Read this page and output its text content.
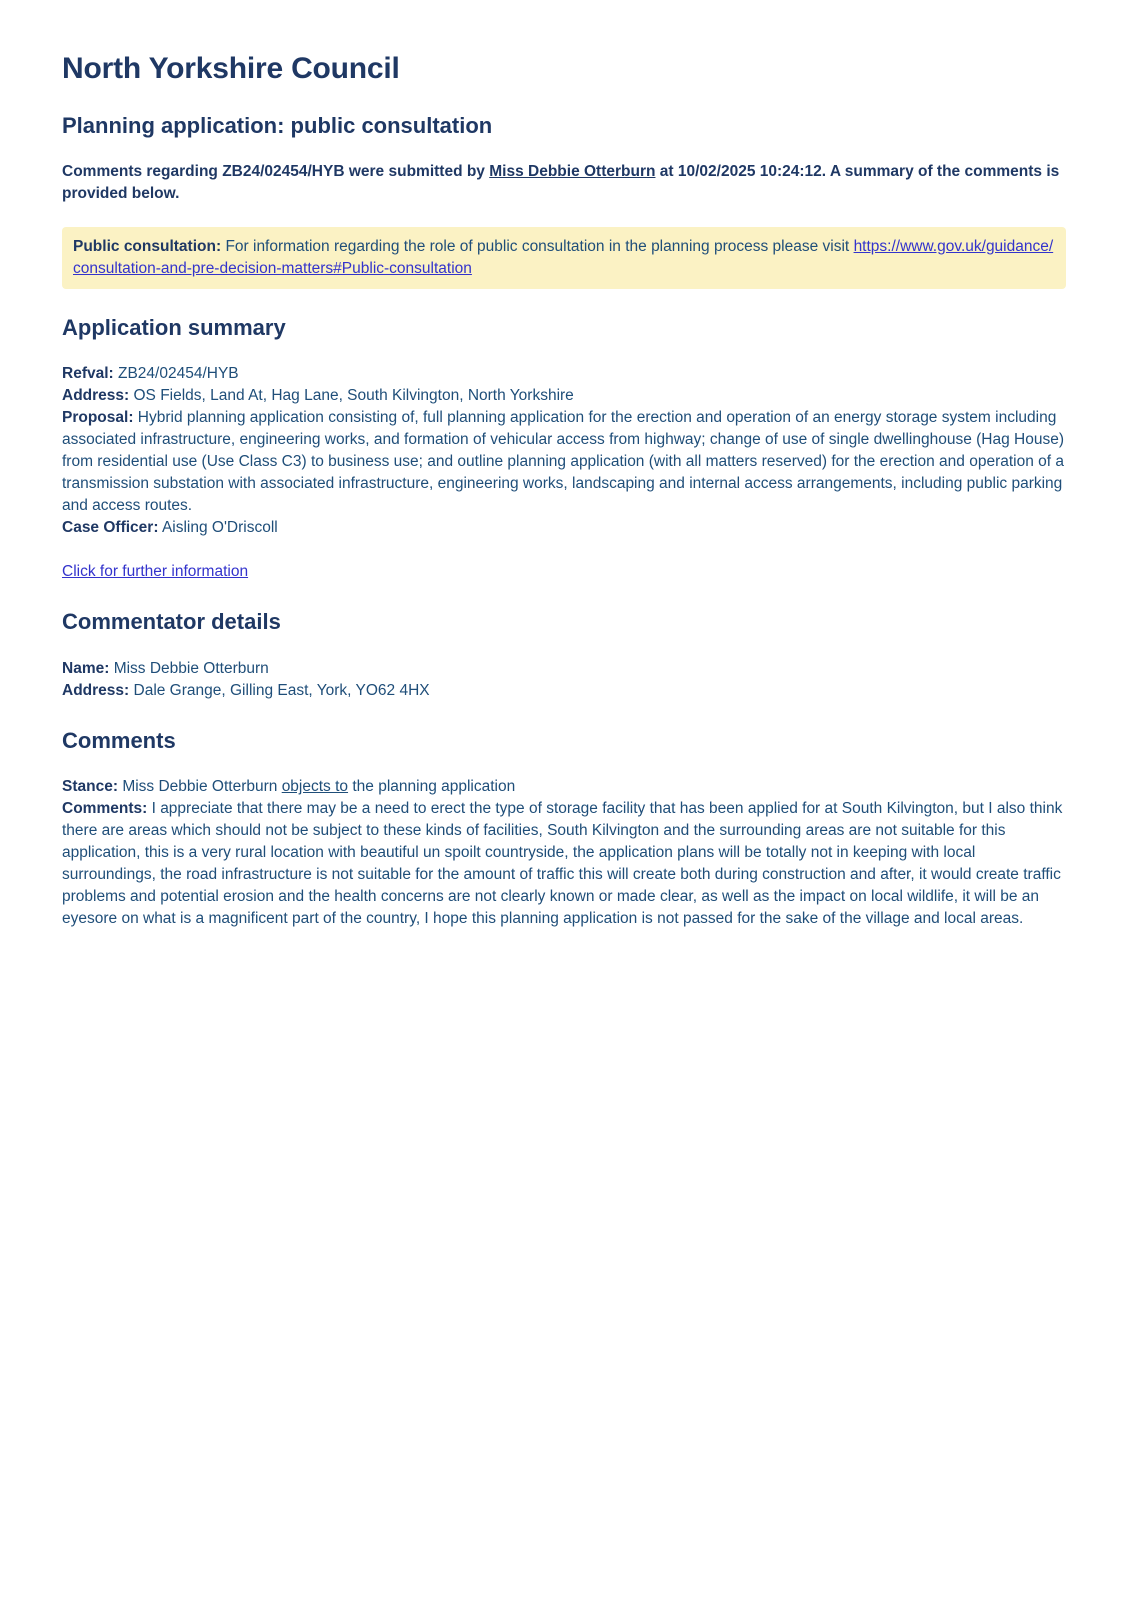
North Yorkshire Council
Planning application: public consultation

Comments regarding ZB24/02454/HYB were submitted by Miss Debbie Otterburn at 10/02/2025 10:24:12. A summary of the comments is provided below.

Public consultation: For information regarding the role of public consultation in the planning process please visit https://www.gov.uk/guidance/consultation-and-pre-decision-matters#Public-consultation
Application summary

Refval: ZB24/02454/HYB
Address: OS Fields, Land At, Hag Lane, South Kilvington, North Yorkshire
Proposal: Hybrid planning application consisting of, full planning application for the erection and operation of an energy storage system including associated infrastructure, engineering works, and formation of vehicular access from highway; change of use of single dwellinghouse (Hag House) from residential use (Use Class C3) to business use; and outline planning application (with all matters reserved) for the erection and operation of a transmission substation with associated infrastructure, engineering works, landscaping and internal access arrangements, including public parking and access routes.
Case Officer: Aisling O'Driscoll

Click for further information

Commentator details

Name: Miss Debbie Otterburn
Address: Dale Grange, Gilling East, York, YO62 4HX

Comments

Stance: Miss Debbie Otterburn objects to the planning application
Comments: I appreciate that there may be a need to erect the type of storage facility that has been applied for at South Kilvington, but I also think there are areas which should not be subject to these kinds of facilities, South Kilvington and the surrounding areas are not suitable for this application, this is a very rural location with beautiful un spoilt countryside, the application plans will be totally not in keeping with local surroundings, the road infrastructure is not suitable for the amount of traffic this will create both during construction and after, it would create traffic problems and potential erosion and the health concerns are not clearly known or made clear, as well as the impact on local wildlife, it will be an eyesore on what is a magnificent part of the country, I hope this planning application is not passed for the sake of the village and local areas.
